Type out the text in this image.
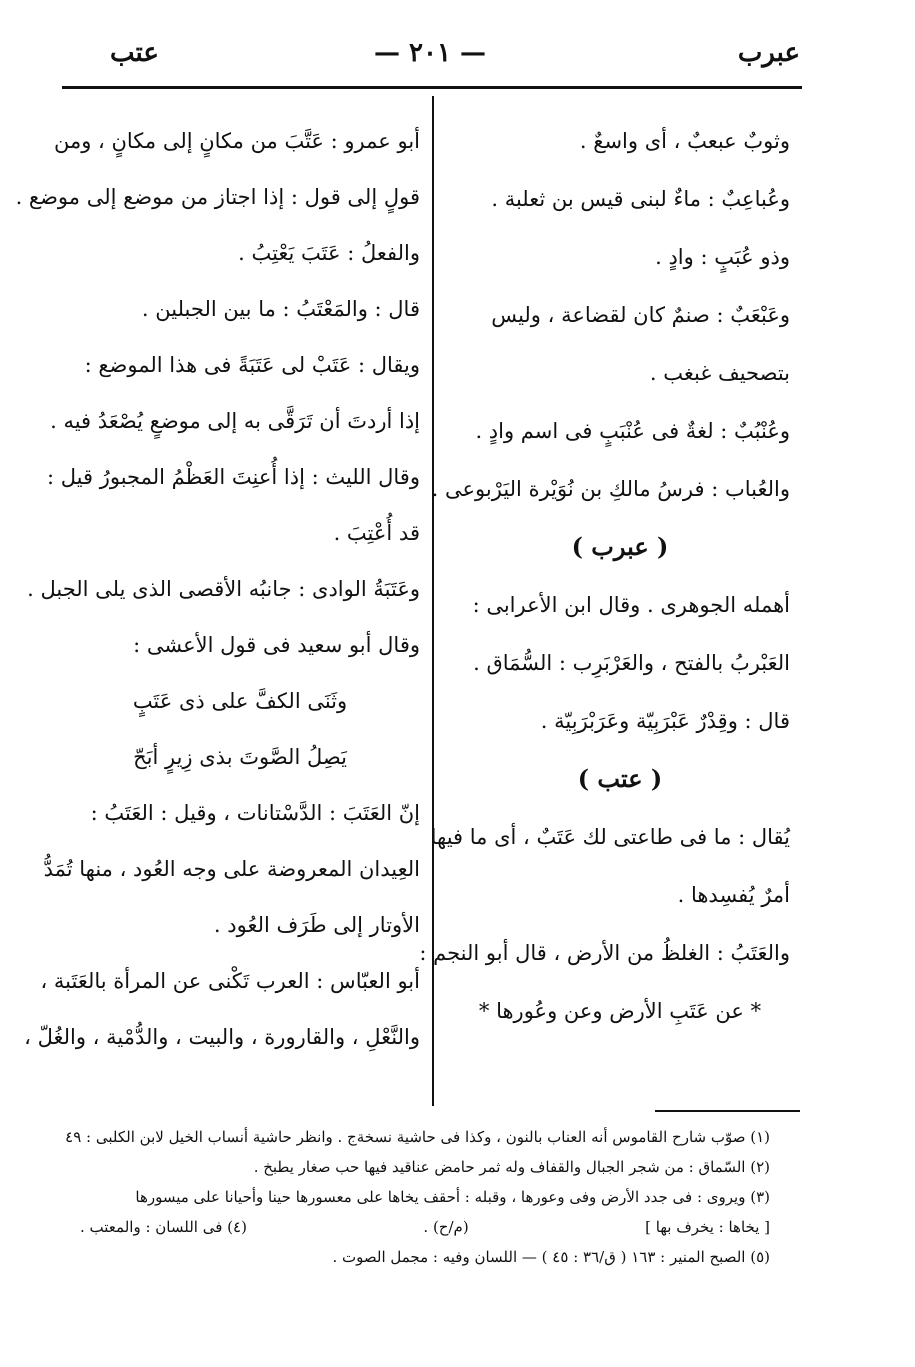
عبرب
— ٢٠١ —
عتب
وثوبٌ عبعبٌ ، أى واسعٌ .
وعُباعِبٌ : ماءٌ لبنى قيس بن ثعلبة .
وذو عُبَبٍ : وادٍ .
وعَبْعَبٌ : صنمٌ كان لقضاعة ، وليس
بتصحيف غبغب .
وعُنْبُبٌ : لغةٌ فى عُنْبَبٍ فى اسم وادٍ .
والعُباب : فرسُ مالكِ بن نُوَيْرة اليَرْبوعى .
( عبرب )
أهمله الجوهرى . وقال ابن الأعرابى :
العَبْربُ بالفتح ، والعَرْبَرِب : السُّمَاق .
قال : وقِدْرٌ عَبْرَبِيّة وعَرَبْرَبِيّة .
( عتب )
يُقال : ما فى طاعتى لك عَتَبٌ ، أى ما فيها
أمرٌ يُفسِدها .
والعَتَبُ : الغلظُ من الأرض ، قال أبو النجم :
* عن عَتَبِ الأرض وعن وعُورها *
أبو عمرو : عَتَّبَ من مكانٍ إلى مكانٍ ، ومن
قولٍ إلى قول : إذا اجتاز من موضع إلى موضع .
والفعلُ : عَتَبَ يَعْتِبُ .
قال : والمَعْتَبُ : ما بين الجبلين .
ويقال : عَتَبْ لى عَتَبَةً فى هذا الموضع :
إذا أردتَ أن تَرَقَّى به إلى موضعٍ يُصْعَدُ فيه .
وقال الليث : إذا أُعنِتَ العَظْمُ المجبورُ قيل :
قد أُعْتِبَ .
وعَتَبَةُ الوادى : جانبُه الأقصى الذى يلى الجبل .
وقال أبو سعيد فى قول الأعشى :
وثَنَى الكفَّ على ذى عَتَبٍ
يَصِلُ الصَّوتَ بذى زِيرٍ أبَحّ
إنّ العَتَبَ : الدَّسْتانات ، وقيل : العَتَبُ :
العِيدان المعروضة على وجه العُود ، منها تُمَدُّ
الأوتار إلى طَرَف العُود .
أبو العبّاس : العرب تَكْنى عن المرأة بالعَتَبة ،
والنَّعْلِ ، والقارورة ، والبيت ، والدُّمْية ، والغُلّ ،
(١) صوّب شارح القاموس أنه العناب بالنون ، وكذا فى حاشية نسخةج . وانظر حاشية أنساب الخيل لابن الكلبى : ٤٩
(٢) السّماق : من شجر الجبال والقفاف وله ثمر حامض عناقيد فيها حب صغار يطبخ .
(٣) ويروى : فى جدد الأرض وفى وعورها ، وقبله : أحقف يخاها على معسورها حينا وأحيانا على ميسورها
[ يخاها : يخرف بها ]
(م/ح) .
(٤) فى اللسان : والمعتب .
(٥) الصبح المنير : ١٦٣ ( ق/٣٦ : ٤٥ ) — اللسان وفيه : مجمل الصوت .
